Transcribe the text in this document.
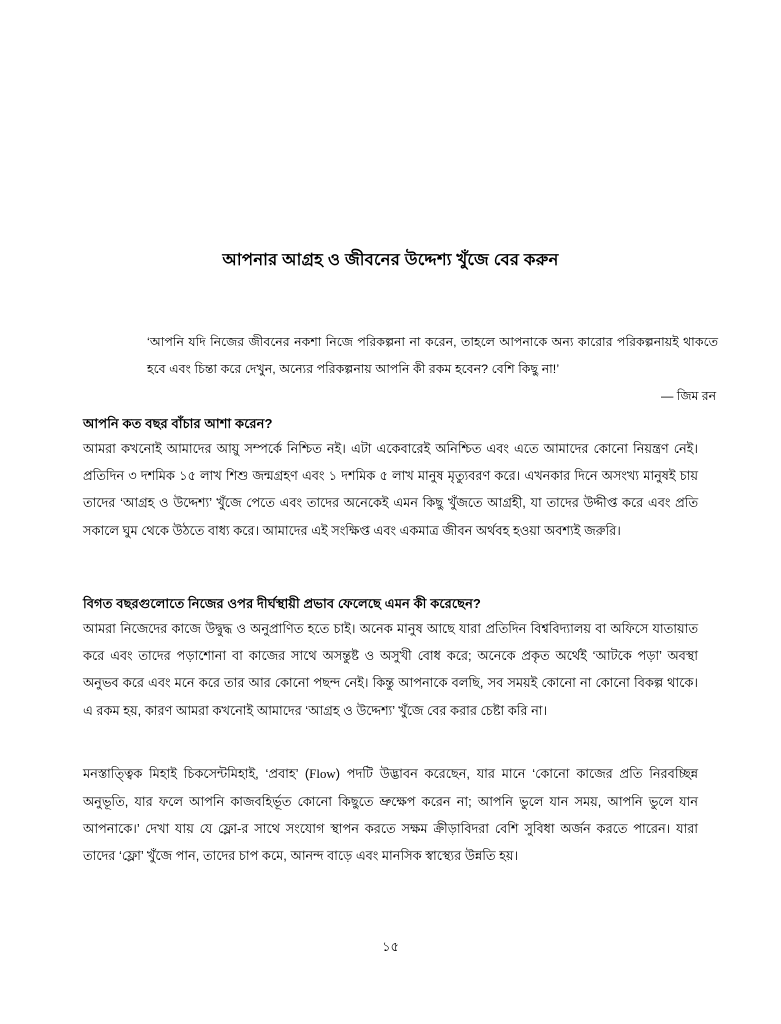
আপনার আগ্রহ ও জীবনের উদ্দেশ্য খুঁজে বের করুন

‘আপনি যদি নিজের জীবনের নকশা নিজে পরিকল্পনা না করেন, তাহলে আপনাকে অন্য কারোর পরিকল্পনায়ই থাকতে হবে এবং চিন্তা করে দেখুন, অন্যের পরিকল্পনায় আপনি কী রকম হবেন? বেশি কিছু না!’

— জিম রন

আপনি কত বছর বাঁচার আশা করেন?

আমরা কখনোই আমাদের আয়ু সম্পর্কে নিশ্চিত নই। এটা একেবারেই অনিশ্চিত এবং এতে আমাদের কোনো নিয়ন্ত্রণ নেই। প্রতিদিন ৩ দশমিক ১৫ লাখ শিশু জন্মগ্রহণ এবং ১ দশমিক ৫ লাখ মানুষ মৃত্যুবরণ করে। এখনকার দিনে অসংখ্য মানুষই চায় তাদের ‘আগ্রহ ও উদ্দেশ্য’ খুঁজে পেতে এবং তাদের অনেকেই এমন কিছু খুঁজতে আগ্রহী, যা তাদের উদ্দীপ্ত করে এবং প্রতি সকালে ঘুম থেকে উঠতে বাধ্য করে। আমাদের এই সংক্ষিপ্ত এবং একমাত্র জীবন অর্থবহ হওয়া অবশ্যই জরুরি।

বিগত বছরগুলোতে নিজের ওপর দীর্ঘস্থায়ী প্রভাব ফেলেছে এমন কী করেছেন?

আমরা নিজেদের কাজে উদ্বুদ্ধ ও অনুপ্রাণিত হতে চাই। অনেক মানুষ আছে যারা প্রতিদিন বিশ্ববিদ্যালয় বা অফিসে যাতায়াত করে এবং তাদের পড়াশোনা বা কাজের সাথে অসন্তুষ্ট ও অসুখী বোধ করে; অনেকে প্রকৃত অর্থেই ‘আটকে পড়া’ অবস্থা অনুভব করে এবং মনে করে তার আর কোনো পছন্দ নেই। কিন্তু আপনাকে বলছি, সব সময়ই কোনো না কোনো বিকল্প থাকে। এ রকম হয়, কারণ আমরা কখনোই আমাদের ‘আগ্রহ ও উদ্দেশ্য’ খুঁজে বের করার চেষ্টা করি না।

মনস্তাত্ত্বিক মিহাই চিকসেন্টমিহাই, ‘প্রবাহ’ (Flow) পদটি উদ্ভাবন করেছেন, যার মানে ‘কোনো কাজের প্রতি নিরবচ্ছিন্ন অনুভূতি, যার ফলে আপনি কাজবহির্ভূত কোনো কিছুতে ভ্রুক্ষেপ করেন না; আপনি ভুলে যান সময়, আপনি ভুলে যান আপনাকে।’ দেখা যায় যে ফ্লো-র সাথে সংযোগ স্থাপন করতে সক্ষম ক্রীড়াবিদরা বেশি সুবিধা অর্জন করতে পারেন। যারা তাদের ‘ফ্লো’ খুঁজে পান, তাদের চাপ কমে, আনন্দ বাড়ে এবং মানসিক স্বাস্থ্যের উন্নতি হয়।

১৫
